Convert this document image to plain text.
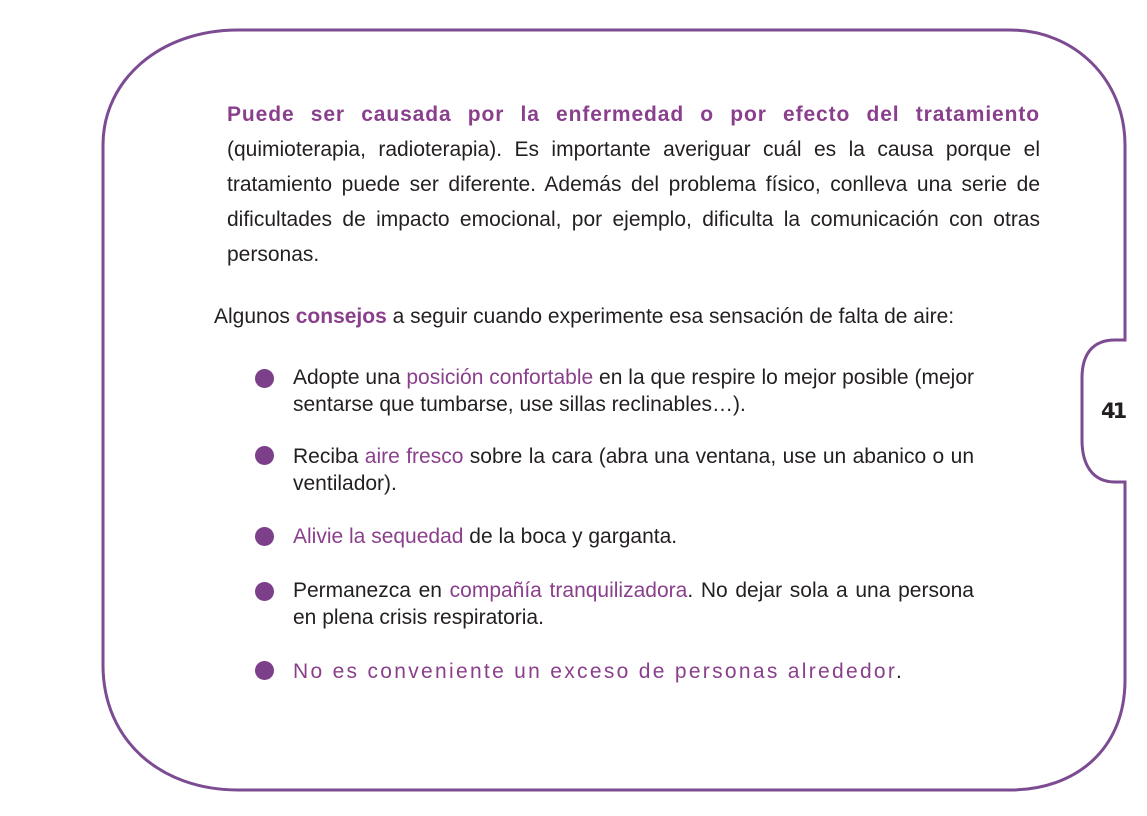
41

Puede ser causada por la enfermedad o por efecto del tratamiento (quimioterapia, radioterapia). Es importante averiguar cuál es la causa porque el tratamiento puede ser diferente. Además del problema físico, conlleva una serie de dificultades de impacto emocional, por ejemplo, dificulta la comunicación con otras personas.

Algunos consejos a seguir cuando experimente esa sensación de falta de aire:

Adopte una posición confortable en la que respire lo mejor posible (mejor sentarse que tumbarse, use sillas reclinables…).

Reciba aire fresco sobre la cara (abra una ventana, use un abanico o un ventilador).

Alivie la sequedad de la boca y garganta.

Permanezca en compañía tranquilizadora. No dejar sola a una persona en plena crisis respiratoria.

No es conveniente un exceso de personas alrededor.
